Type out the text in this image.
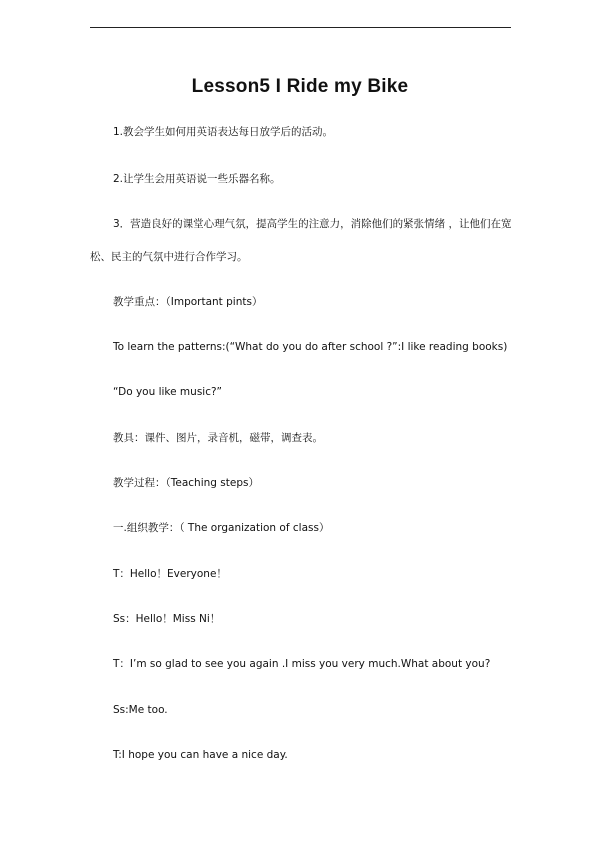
Lesson5 I Ride my Bike
1.教会学生如何用英语表达每日放学后的活动。
2.让学生会用英语说一些乐器名称。
3．营造良好的课堂心理气氛，提高学生的注意力，消除他们的紧张情绪 ，让他们在宽
松、民主的气氛中进行合作学习。
教学重点：（Important pints）
To learn the patterns:(“What do you do after school ?”:I like reading books)
“Do you like music?”
教具：课件、图片，录音机，磁带，调查表。
教学过程：（Teaching steps）
一.组织教学：（ The organization of class）
T：Hello！Everyone！
Ss：Hello！Miss Ni！
T：I’m so glad to see you again .I miss you very much.What about you?
Ss:Me too.
T:I hope you can have a nice day.
